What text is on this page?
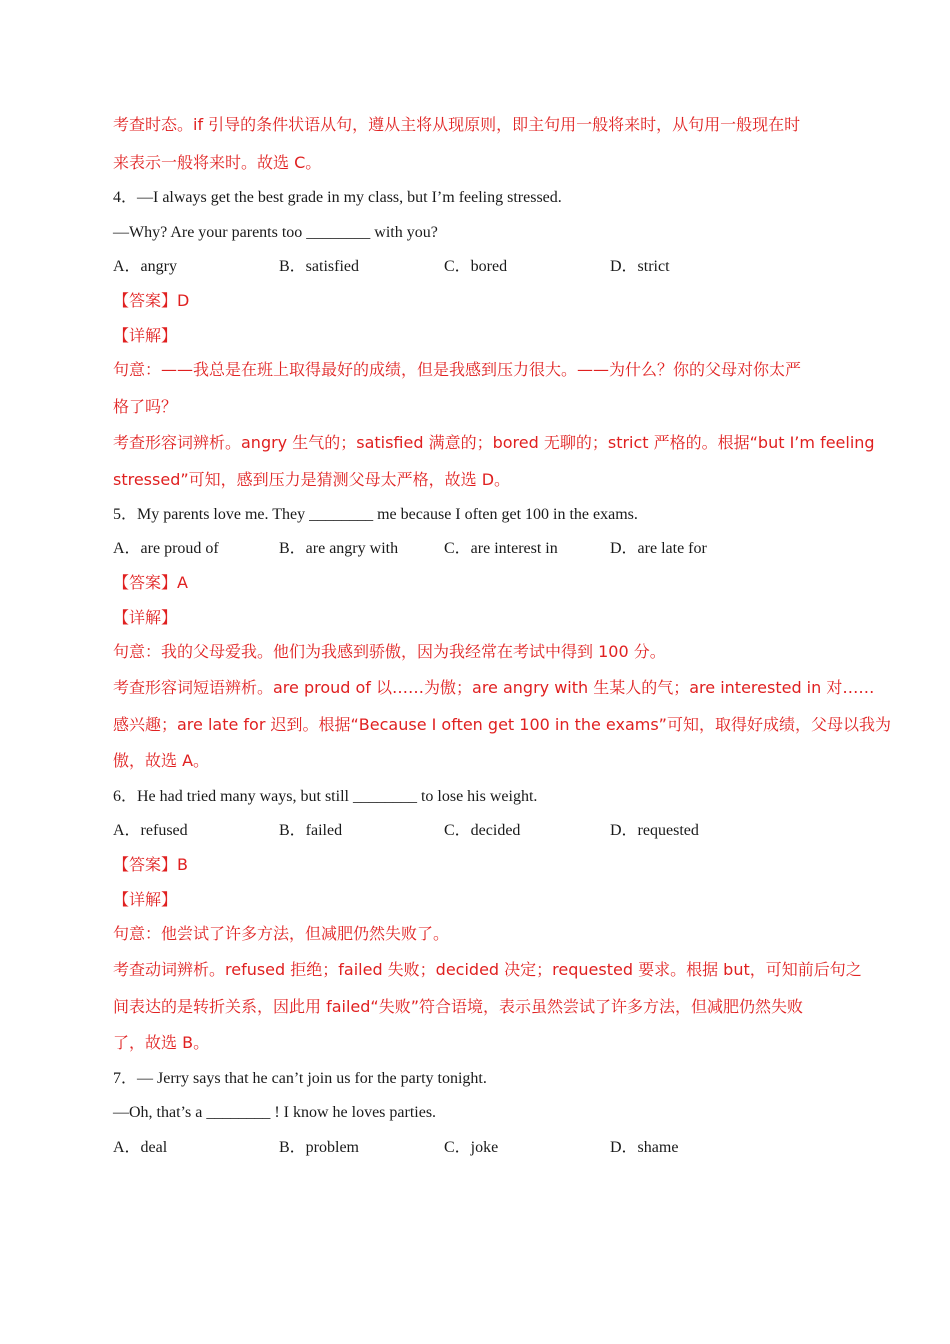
考查时态。if 引导的条件状语从句，遵从主将从现原则，即主句用一般将来时，从句用一般现在时
来表示一般将来时。故选 C。
4．—I always get the best grade in my class, but I’m feeling stressed.
—Why? Are your parents too ________ with you?
A．angry	B．satisfied	C．bored	D．strict
【答案】D
【详解】
句意：——我总是在班上取得最好的成绩，但是我感到压力很大。——为什么？你的父母对你太严
格了吗？
考查形容词辨析。angry 生气的；satisfied 满意的；bored 无聊的；strict 严格的。根据“but I’m feeling
stressed”可知，感到压力是猜测父母太严格，故选 D。
5．My parents love me. They ________ me because I often get 100 in the exams.
A．are proud of	B．are angry with	C．are interest in	D．are late for
【答案】A
【详解】
句意：我的父母爱我。他们为我感到骄傲，因为我经常在考试中得到 100 分。
考查形容词短语辨析。are proud of 以……为傲；are angry with 生某人的气；are interested in 对……
感兴趣；are late for 迟到。根据“Because I often get 100 in the exams”可知，取得好成绩，父母以我为
傲，故选 A。
6．He had tried many ways, but still ________ to lose his weight.
A．refused	B．failed	C．decided	D．requested
【答案】B
【详解】
句意：他尝试了许多方法，但减肥仍然失败了。
考查动词辨析。refused 拒绝；failed 失败；decided 决定；requested 要求。根据 but，可知前后句之
间表达的是转折关系，因此用 failed“失败”符合语境，表示虽然尝试了许多方法，但减肥仍然失败
了，故选 B。
7．— Jerry says that he can’t join us for the party tonight.
—Oh, that’s a ________ ! I know he loves parties.
A．deal	B．problem	C．joke	D．shame
